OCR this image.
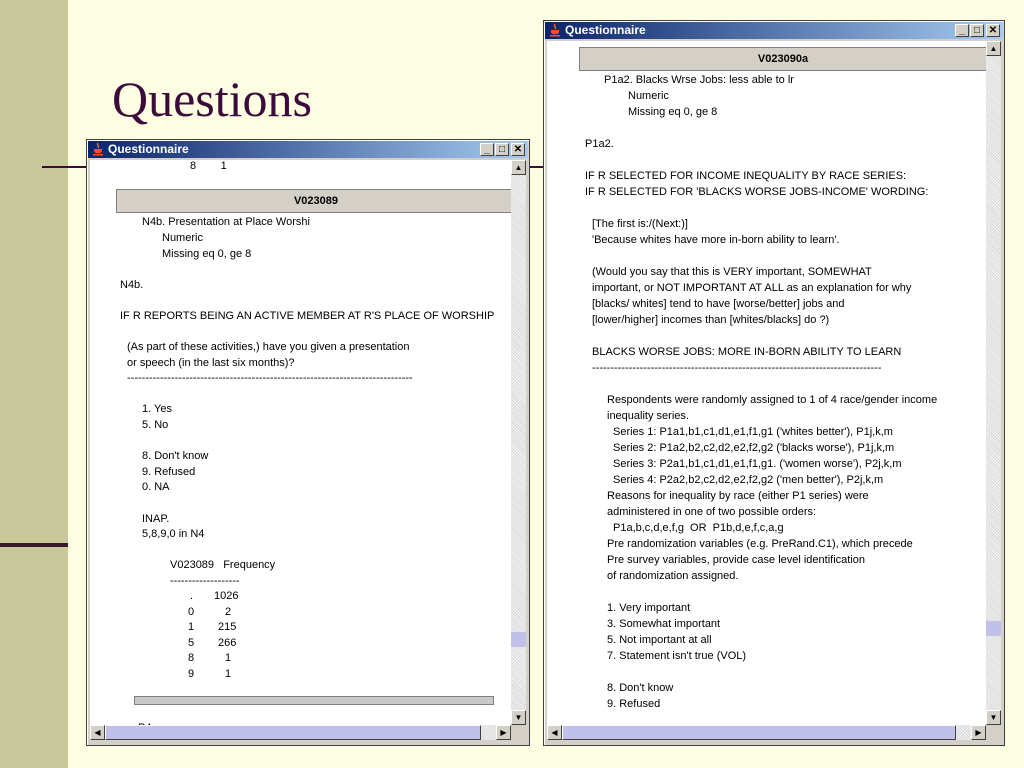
Questions
Questionnaire	_ □ ✕
8        1
V023089
N4b. Presentation at Place Worshi
Numeric
Missing eq 0, ge 8
N4b.
IF R REPORTS BEING AN ACTIVE MEMBER AT R'S PLACE OF WORSHIP
(As part of these activities,) have you given a presentation
or speech (in the last six months)?
------------------------------------------------------------------------------
1. Yes
5. No
8. Don't know
9. Refused
0. NA
INAP.
5,8,9,0 in N4
V023089   Frequency
-------------------
. 1026
0	2
1 215
5 266
8	1
9	1
▲
▼
◀	▶
Questionnaire	_ □ ✕
V023090a
P1a2. Blacks Wrse Jobs: less able to lr
Numeric
Missing eq 0, ge 8
P1a2.
IF R SELECTED FOR INCOME INEQUALITY BY RACE SERIES:
IF R SELECTED FOR 'BLACKS WORSE JOBS-INCOME' WORDING:
[The first is:/(Next:)]
'Because whites have more in-born ability to learn'.
(Would you say that this is VERY important, SOMEWHAT
important, or NOT IMPORTANT AT ALL as an explanation for why
[blacks/ whites] tend to have [worse/better] jobs and
[lower/higher] incomes than [whites/blacks] do ?)
BLACKS WORSE JOBS: MORE IN-BORN ABILITY TO LEARN
-------------------------------------------------------------------------------
Respondents were randomly assigned to 1 of 4 race/gender income
inequality series.
Series 1: P1a1,b1,c1,d1,e1,f1,g1 ('whites better'), P1j,k,m
Series 2: P1a2,b2,c2,d2,e2,f2,g2 ('blacks worse'), P1j,k,m
Series 3: P2a1,b1,c1,d1,e1,f1,g1. ('women worse'), P2j,k,m
Series 4: P2a2,b2,c2,d2,e2,f2,g2 ('men better'), P2j,k,m
Reasons for inequality by race (either P1 series) were
administered in one of two possible orders:
P1a,b,c,d,e,f,g  OR  P1b,d,e,f,c,a,g
Pre randomization variables (e.g. PreRand.C1), which precede
Pre survey variables, provide case level identification
of randomization assigned.
1. Very important
3. Somewhat important
5. Not important at all
7. Statement isn't true (VOL)
8. Don't know
9. Refused
▲
▼
◀	▶
